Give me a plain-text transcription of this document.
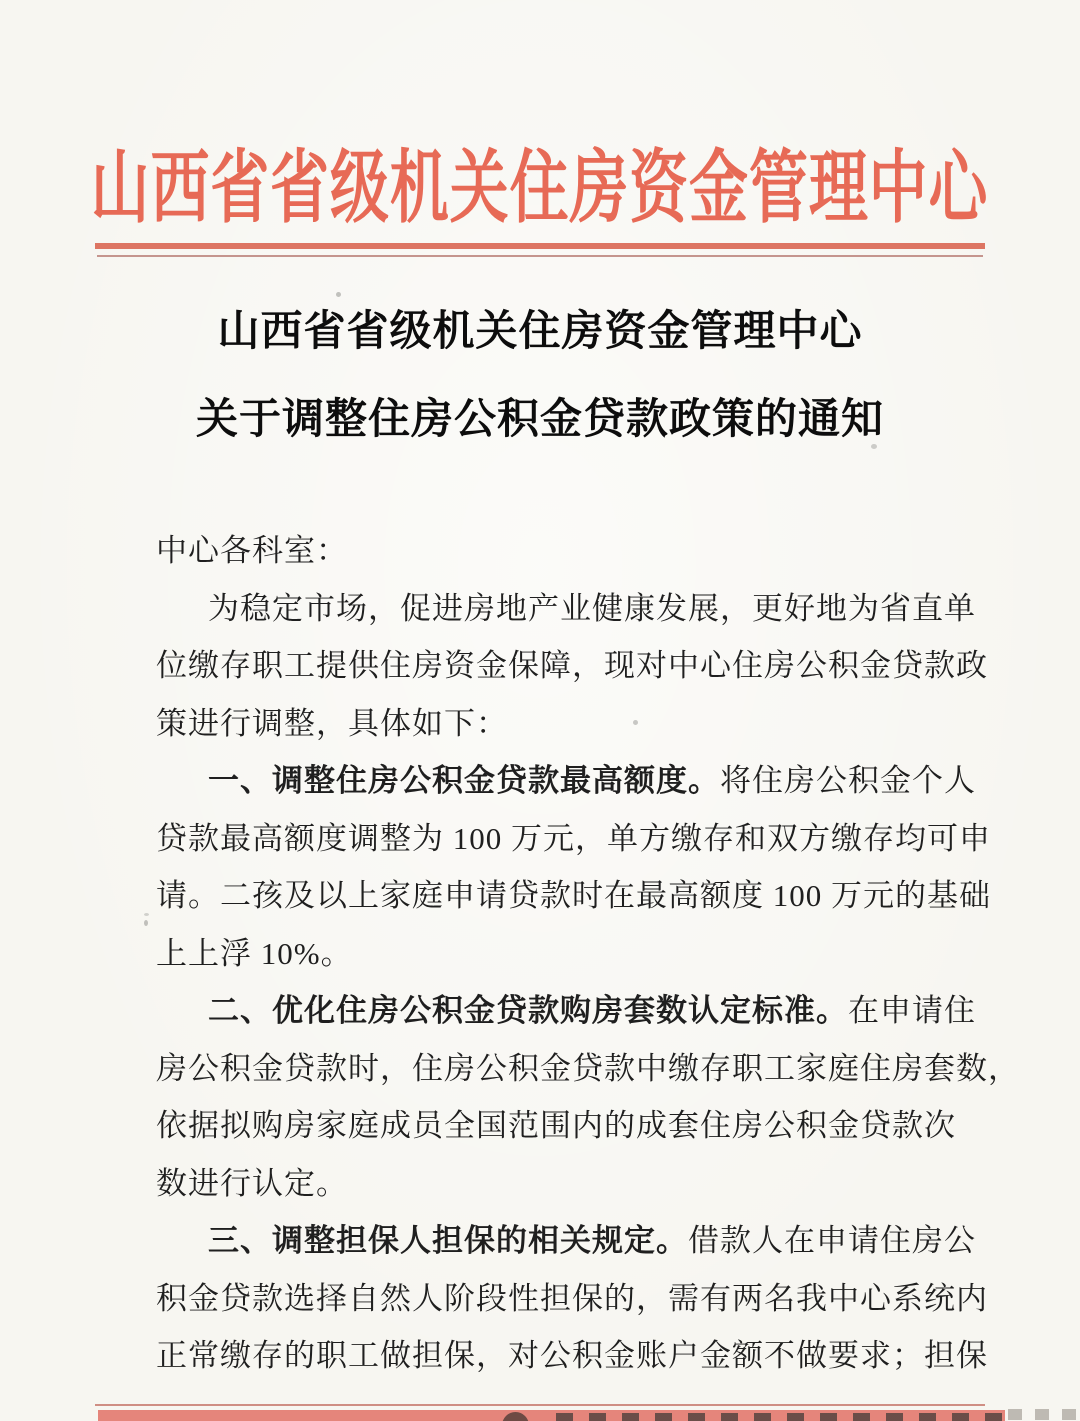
山西省省级机关住房资金管理中心
山西省省级机关住房资金管理中心
关于调整住房公积金贷款政策的通知
中心各科室：
为稳定市场，促进房地产业健康发展，更好地为省直单
位缴存职工提供住房资金保障，现对中心住房公积金贷款政
策进行调整，具体如下：
一、调整住房公积金贷款最高额度。将住房公积金个人
贷款最高额度调整为 100 万元，单方缴存和双方缴存均可申
请。二孩及以上家庭申请贷款时在最高额度 100 万元的基础
上上浮 10%。
二、优化住房公积金贷款购房套数认定标准。在申请住
房公积金贷款时，住房公积金贷款中缴存职工家庭住房套数，
依据拟购房家庭成员全国范围内的成套住房公积金贷款次
数进行认定。
三、调整担保人担保的相关规定。借款人在申请住房公
积金贷款选择自然人阶段性担保的，需有两名我中心系统内
正常缴存的职工做担保，对公积金账户金额不做要求；担保
